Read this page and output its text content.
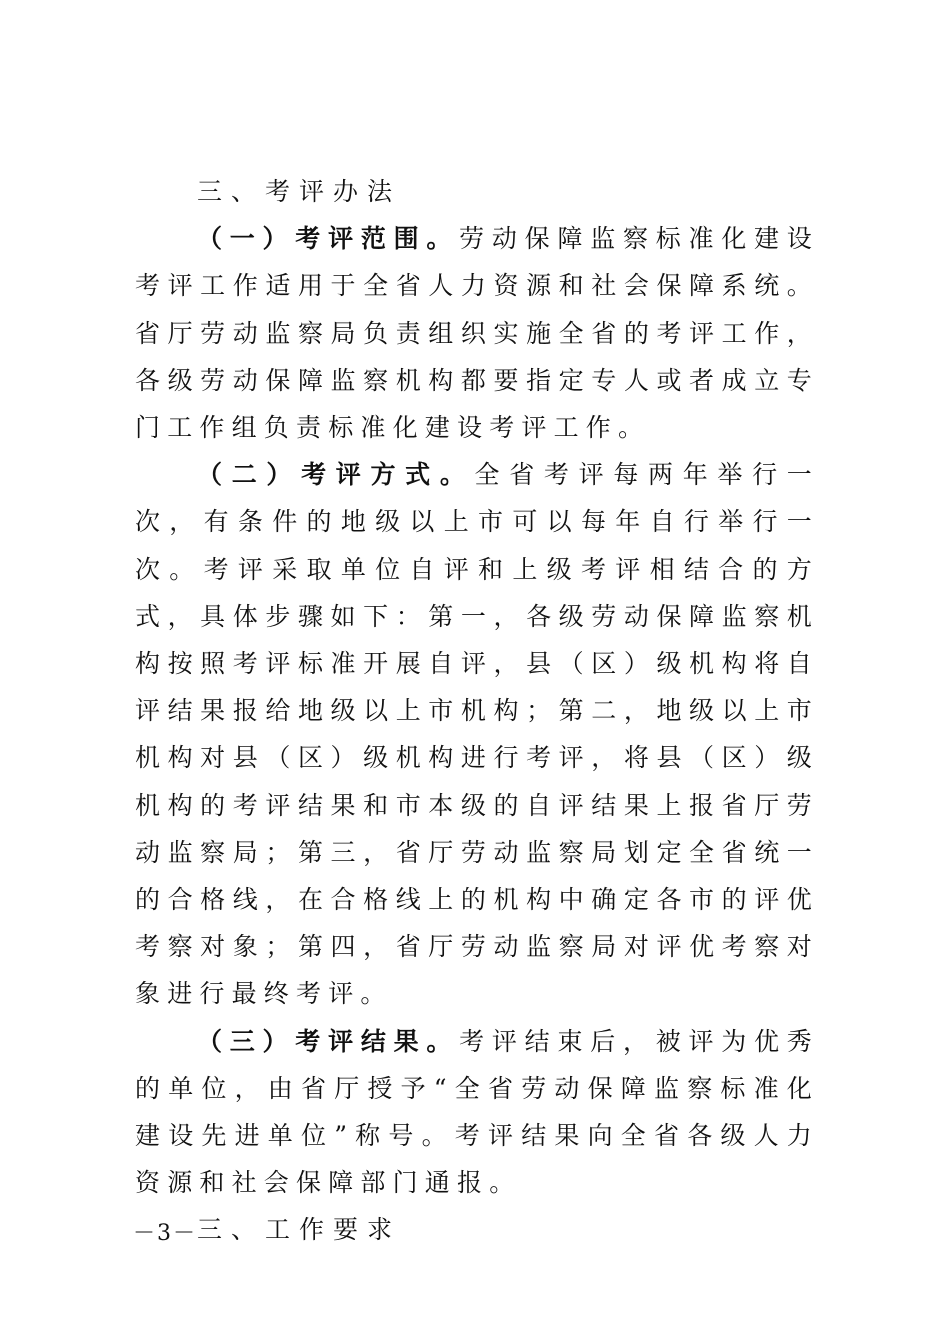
三、考评办法

（一）考评范围。劳动保障监察标准化建设考评工作适用于全省人力资源和社会保障系统。省厅劳动监察局负责组织实施全省的考评工作，各级劳动保障监察机构都要指定专人或者成立专门工作组负责标准化建设考评工作。

（二）考评方式。全省考评每两年举行一次，有条件的地级以上市可以每年自行举行一次。考评采取单位自评和上级考评相结合的方式，具体步骤如下：第一，各级劳动保障监察机构按照考评标准开展自评，县（区）级机构将自评结果报给地级以上市机构；第二，地级以上市机构对县（区）级机构进行考评，将县（区）级机构的考评结果和市本级的自评结果上报省厅劳动监察局；第三，省厅劳动监察局划定全省统一的合格线，在合格线上的机构中确定各市的评优考察对象；第四，省厅劳动监察局对评优考察对象进行最终考评。

（三）考评结果。考评结束后，被评为优秀的单位，由省厅授予“全省劳动保障监察标准化建设先进单位”称号。考评结果向全省各级人力资源和社会保障部门通报。

三、工作要求

－3－
